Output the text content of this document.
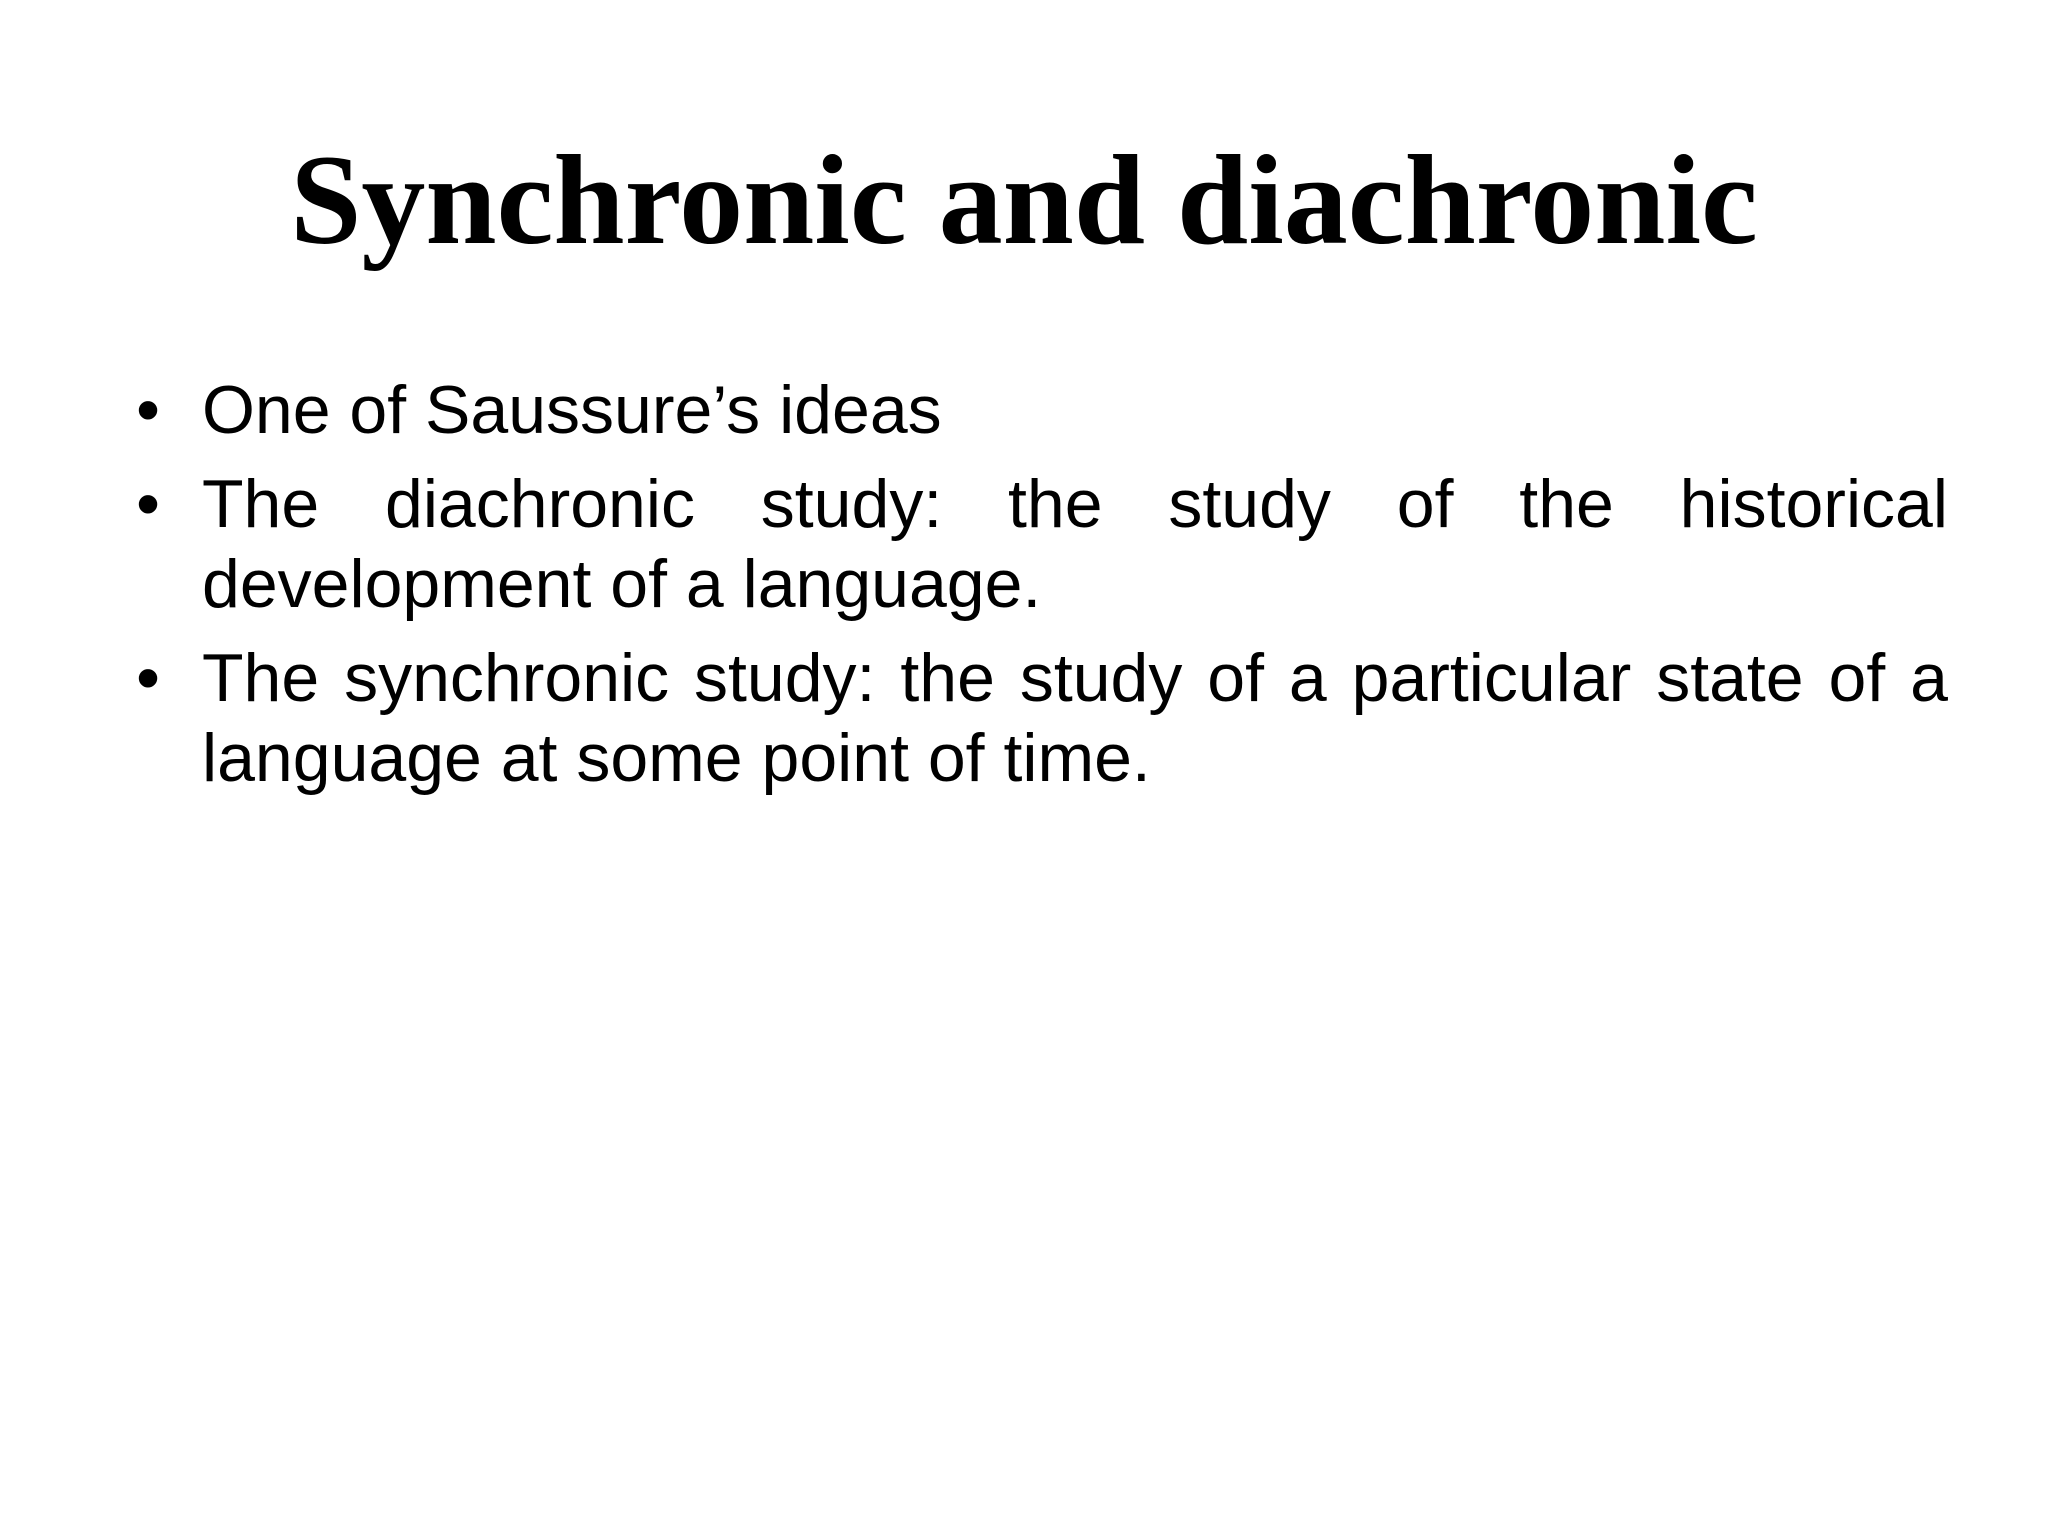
Synchronic and diachronic
• One of Saussure’s ideas
• The diachronic study: the study of the historical development of a language.
• The synchronic study: the study of a particular state of a language at some point of time.
